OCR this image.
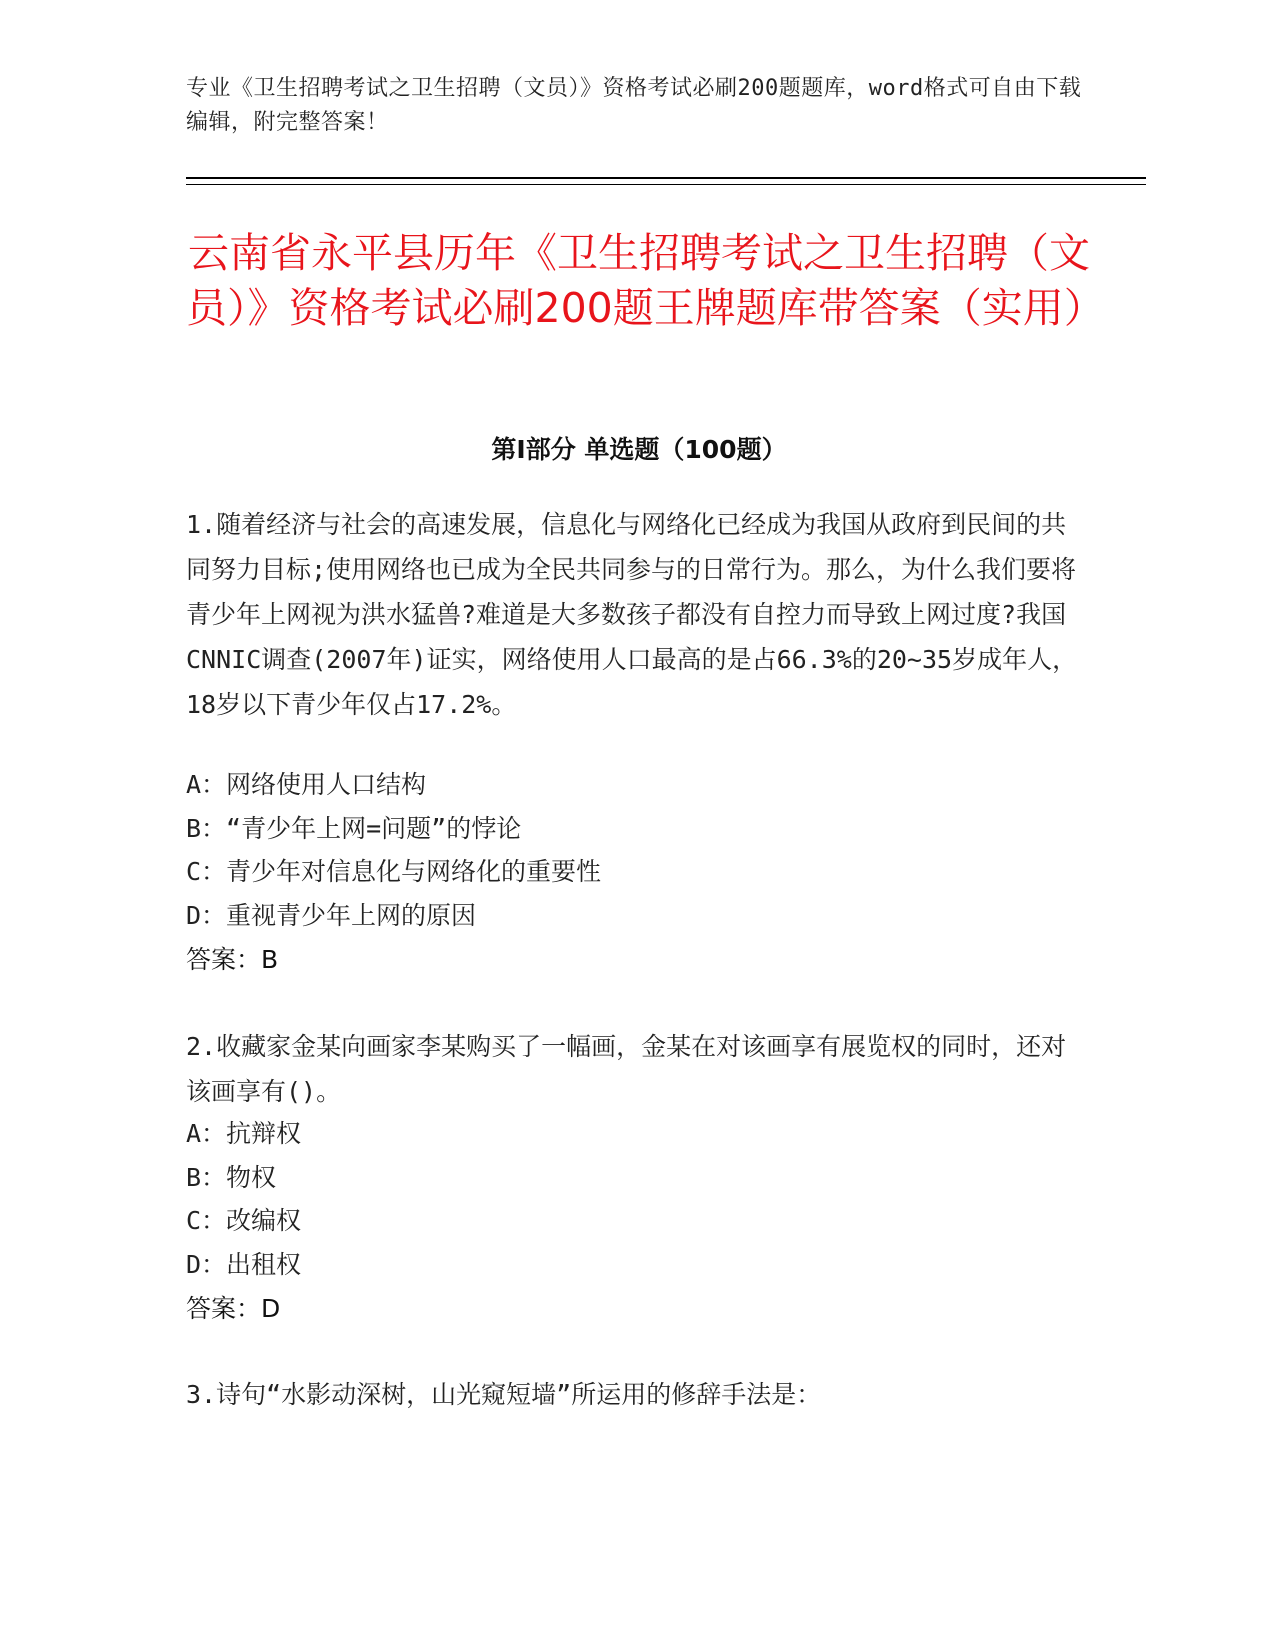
专业《卫生招聘考试之卫生招聘（文员）》资格考试必刷200题题库，word格式可自由下载编辑，附完整答案！
云南省永平县历年《卫生招聘考试之卫生招聘（文员）》资格考试必刷200题王牌题库带答案（实用）
第I部分 单选题（100题）

1.随着经济与社会的高速发展，信息化与网络化已经成为我国从政府到民间的共同努力目标;使用网络也已成为全民共同参与的日常行为。那么，为什么我们要将青少年上网视为洪水猛兽?难道是大多数孩子都没有自控力而导致上网过度?我国CNNIC调查(2007年)证实，网络使用人口最高的是占66.3%的20~35岁成年人，18岁以下青少年仅占17.2%。

A：网络使用人口结构
B：“青少年上网=问题”的悖论
C：青少年对信息化与网络化的重要性
D：重视青少年上网的原因
答案：B

2.收藏家金某向画家李某购买了一幅画，金某在对该画享有展览权的同时，还对该画享有()。

A：抗辩权
B：物权
C：改编权
D：出租权
答案：D

3.诗句“水影动深树，山光窥短墙”所运用的修辞手法是：
